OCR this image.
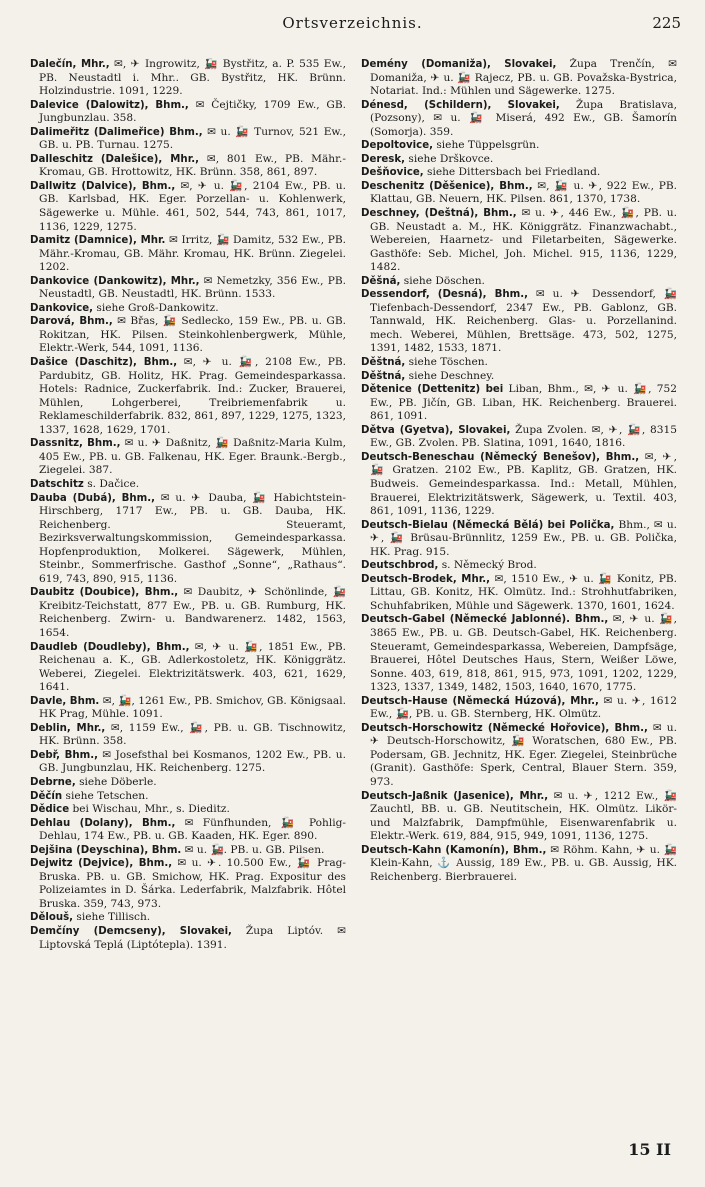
Ortsverzeichnis.	225

Dalečín, Mhr., ✉, ✈ Ingrowitz, 🚂 Bystřitz, a. P. 535 Ew., PB. Neustadtl i. Mhr.. GB. Bystřitz, HK. Brünn. Holzindustrie. 1091, 1229.

Dalevice (Dalowitz), Bhm., ✉ Čejtičky, 1709 Ew., GB. Jungbunzlau. 358.

Dalimeřitz (Dalimeřice) Bhm., ✉ u. 🚂 Turnov, 521 Ew., GB. u. PB. Turnau. 1275.

Dalleschitz (Dalešice), Mhr., ✉, 801 Ew., PB. Mähr.-Kromau, GB. Hrottowitz, HK. Brünn. 358, 861, 897.

Dallwitz (Dalvice), Bhm., ✉, ✈ u. 🚂, 2104 Ew., PB. u. GB. Karlsbad, HK. Eger. Porzellan- u. Kohlenwerk, Sägewerke u. Mühle. 461, 502, 544, 743, 861, 1017, 1136, 1229, 1275.

Damitz (Damnice), Mhr. ✉ Irritz, 🚂 Damitz, 532 Ew., PB. Mähr.-Kromau, GB. Mähr. Kromau, HK. Brünn. Ziegelei. 1202.

Dankovice (Dankowitz), Mhr., ✉ Nemetzky, 356 Ew., PB. Neustadtl, GB. Neustadtl, HK. Brünn. 1533.

Dankovice, siehe Groß-Dankowitz.

Darová, Bhm., ✉ Břas, 🚂 Sedlecko, 159 Ew., PB. u. GB. Rokitzan, HK. Pilsen. Steinkohlenbergwerk, Mühle, Elektr.-Werk, 544, 1091, 1136.

Dašice (Daschitz), Bhm., ✉, ✈ u. 🚂, 2108 Ew., PB. Pardubitz, GB. Holitz, HK. Prag. Gemeindesparkassa. Hotels: Radnice, Zuckerfabrik. Ind.: Zucker, Brauerei, Mühlen, Lohgerberei, Treibriemenfabrik u. Reklameschilderfabrik. 832, 861, 897, 1229, 1275, 1323, 1337, 1628, 1629, 1701.

Dassnitz, Bhm., ✉ u. ✈ Daßnitz, 🚂 Daßnitz-Maria Kulm, 405 Ew., PB. u. GB. Falkenau, HK. Eger. Braunk.-Bergb., Ziegelei. 387.

Datschitz s. Dačice.

Dauba (Dubá), Bhm., ✉ u. ✈ Dauba, 🚂 Habichtstein-Hirschberg, 1717 Ew., PB. u. GB. Dauba, HK. Reichenberg. Steueramt, Bezirksverwaltungskommission, Gemeindesparkassa. Hopfenproduktion, Molkerei. Sägewerk, Mühlen, Steinbr., Sommerfrische. Gasthof „Sonne“, „Rathaus“. 619, 743, 890, 915, 1136.

Daubitz (Doubice), Bhm., ✉ Daubitz, ✈ Schönlinde, 🚂 Kreibitz-Teichstatt, 877 Ew., PB. u. GB. Rumburg, HK. Reichenberg. Zwirn- u. Bandwarenerz. 1482, 1563, 1654.

Daudleb (Doudleby), Bhm., ✉, ✈ u. 🚂, 1851 Ew., PB. Reichenau a. K., GB. Adlerkostoletz, HK. Königgrätz. Weberei, Ziegelei. Elektrizitätswerk. 403, 621, 1629, 1641.

Davle, Bhm. ✉, 🚂, 1261 Ew., PB. Smichov, GB. Königsaal. HK Prag, Mühle. 1091.

Deblin, Mhr., ✉, 1159 Ew., 🚂, PB. u. GB. Tischnowitz, HK. Brünn. 358.

Debř, Bhm., ✉ Josefsthal bei Kosmanos, 1202 Ew., PB. u. GB. Jungbunzlau, HK. Reichenberg. 1275.

Debrne, siehe Döberle.

Děčín siehe Tetschen.

Dědice bei Wischau, Mhr., s. Dieditz.

Dehlau (Dolany), Bhm., ✉ Fünfhunden, 🚂 Pohlig-Dehlau, 174 Ew., PB. u. GB. Kaaden, HK. Eger. 890.

Dejšina (Deyschina), Bhm. ✉ u. 🚂. PB. u. GB. Pilsen.

Dejwitz (Dejvice), Bhm., ✉ u. ✈. 10.500 Ew., 🚂 Prag-Bruska. PB. u. GB. Smichow, HK. Prag. Expositur des Polizeiamtes in D. Šárka. Lederfabrik, Malzfabrik. Hôtel Bruska. 359, 743, 973.

Dělouš, siehe Tillisch.

Demčíny (Demcseny), Slovakei, Župa Liptóv. ✉ Liptovská Teplá (Liptótepla). 1391.

Demény (Domaniža), Slovakei, Župa Trenčín, ✉ Domaniža, ✈ u. 🚂 Rajecz, PB. u. GB. Považska-Bystrica, Notariat. Ind.: Mühlen und Sägewerke. 1275.

Dénesd, (Schildern), Slovakei, Župa Bratislava, (Pozsony), ✉ u. 🚂 Miserá, 492 Ew., GB. Šamorín (Somorja). 359.

Depoltovice, siehe Tüppelsgrün.

Deresk, siehe Drškovce.

Dešňovice, siehe Dittersbach bei Friedland.

Deschenitz (Děšenice), Bhm., ✉, 🚂 u. ✈, 922 Ew., PB. Klattau, GB. Neuern, HK. Pilsen. 861, 1370, 1738.

Deschney, (Deštná), Bhm., ✉ u. ✈, 446 Ew., 🚂, PB. u. GB. Neustadt a. M., HK. Königgrätz. Finanzwachabt., Webereien, Haarnetz- und Filetarbeiten, Sägewerke. Gasthöfe: Seb. Michel, Joh. Michel. 915, 1136, 1229, 1482.

Děšná, siehe Döschen.

Dessendorf, (Desná), Bhm., ✉ u. ✈ Dessendorf, 🚂 Tiefenbach-Dessendorf, 2347 Ew., PB. Gablonz, GB. Tannwald, HK. Reichenberg. Glas- u. Porzellanind. mech. Weberei, Mühlen, Brettsäge. 473, 502, 1275, 1391, 1482, 1533, 1871.

Děštná, siehe Töschen.

Děštná, siehe Deschney.

Dětenice (Dettenitz) bei Liban, Bhm., ✉, ✈ u. 🚂, 752 Ew., PB. Jičín, GB. Liban, HK. Reichenberg. Brauerei. 861, 1091.

Dětva (Gyetva), Slovakei, Župa Zvolen. ✉, ✈, 🚂, 8315 Ew., GB. Zvolen. PB. Slatina, 1091, 1640, 1816.

Deutsch-Beneschau (Německý Benešov), Bhm., ✉, ✈, 🚂 Gratzen. 2102 Ew., PB. Kaplitz, GB. Gratzen, HK. Budweis. Gemeindesparkassa. Ind.: Metall, Mühlen, Brauerei, Elektrizitätswerk, Sägewerk, u. Textil. 403, 861, 1091, 1136, 1229.

Deutsch-Bielau (Německá Bělá) bei Polička, Bhm., ✉ u. ✈, 🚂 Brüsau-Brünnlitz, 1259 Ew., PB. u. GB. Polička, HK. Prag. 915.

Deutschbrod, s. Německý Brod.

Deutsch-Brodek, Mhr., ✉, 1510 Ew., ✈ u. 🚂 Konitz, PB. Littau, GB. Konitz, HK. Olmütz. Ind.: Strohhutfabriken, Schuhfabriken, Mühle und Sägewerk. 1370, 1601, 1624.

Deutsch-Gabel (Německé Jablonné). Bhm., ✉, ✈ u. 🚂, 3865 Ew., PB. u. GB. Deutsch-Gabel, HK. Reichenberg. Steueramt, Gemeindesparkassa, Webereien, Dampfsäge, Brauerei, Hôtel Deutsches Haus, Stern, Weißer Löwe, Sonne. 403, 619, 818, 861, 915, 973, 1091, 1202, 1229, 1323, 1337, 1349, 1482, 1503, 1640, 1670, 1775.

Deutsch-Hause (Německá Húzová), Mhr., ✉ u. ✈, 1612 Ew., 🚂, PB. u. GB. Sternberg, HK. Olmütz.

Deutsch-Horschowitz (Německé Hořovice), Bhm., ✉ u. ✈ Deutsch-Horschowitz, 🚂 Woratschen, 680 Ew., PB. Podersam, GB. Jechnitz, HK. Eger. Ziegelei, Steinbrüche (Granit). Gasthöfe: Sperk, Central, Blauer Stern. 359, 973.

Deutsch-Jaßnik (Jasenice), Mhr., ✉ u. ✈, 1212 Ew., 🚂 Zauchtl, BB. u. GB. Neutitschein, HK. Olmütz. Likör- und Malzfabrik, Dampfmühle, Eisenwarenfabrik u. Elektr.-Werk. 619, 884, 915, 949, 1091, 1136, 1275.

Deutsch-Kahn (Kamonín), Bhm., ✉ Röhm. Kahn, ✈ u. 🚂 Klein-Kahn, ⚓ Aussig, 189 Ew., PB. u. GB. Aussig, HK. Reichenberg. Bierbrauerei.

15 II
